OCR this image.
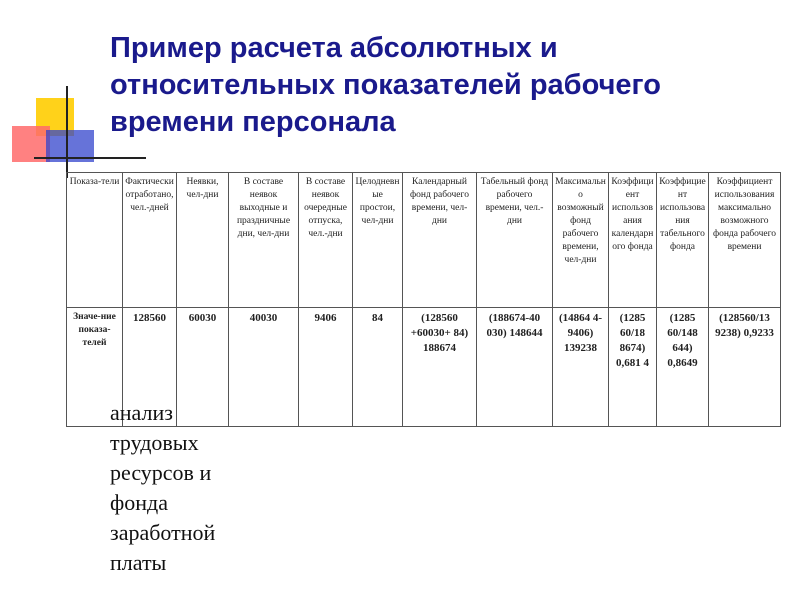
Пример расчета абсолютных и относительных показателей рабочего времени персонала
Показа-тели	Фактически отработано, чел.-дней	Неявки, чел-дни	В составе неявок выходные и праздничные дни, чел-дни	В составе неявок очередные отпуска, чел.-дни	Целодневные простои, чел-дни	Календарный фонд рабочего времени, чел-дни	Табельный фонд рабочего времени, чел.-дни	Максимально возможный фонд рабочего времени, чел-дни	Коэффициент использования календарного фонда	Коэффициент использования табельного фонда	Коэффициент использования максимально возможного фонда рабочего времени
Значе-ние показа-телей	128560	60030	40030	9406	84	(128560 +60030+ 84) 188674	(188674-40 030) 148644	(14864 4-9406) 139238	(1285 60/18 8674) 0,681 4	(1285 60/148 644) 0,8649	(128560/13 9238) 0,9233
анализ трудовых ресурсов и фонда заработной платы
